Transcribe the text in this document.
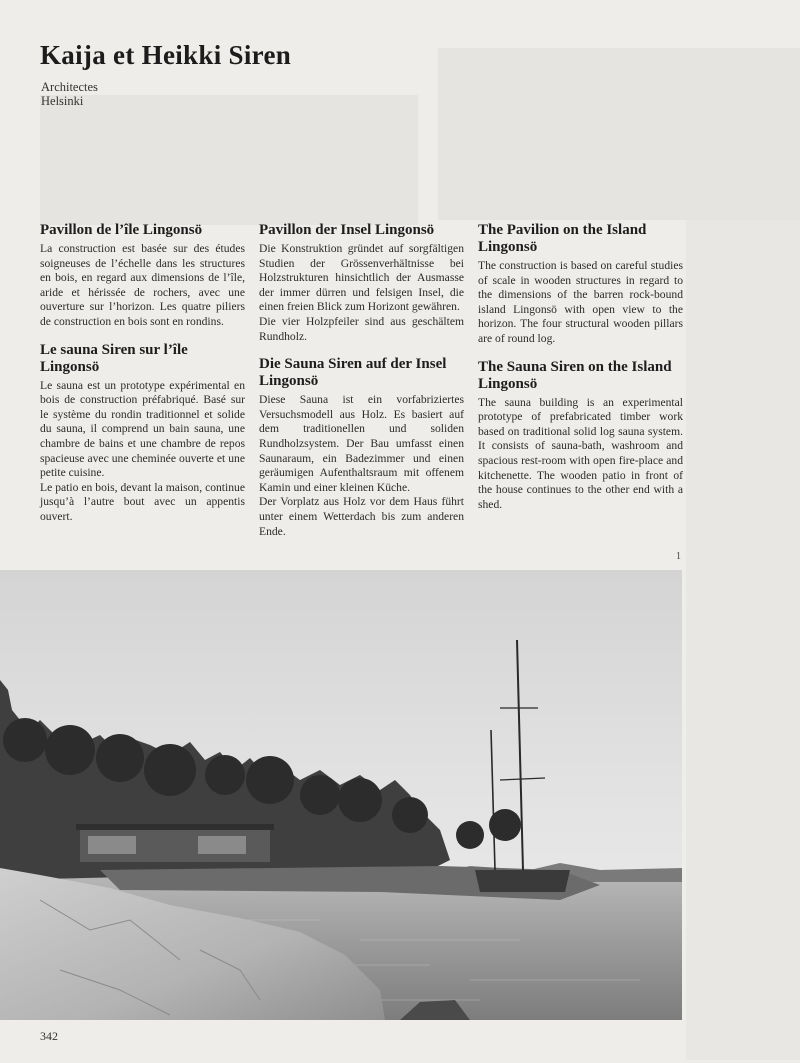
Kaija et Heikki Siren
Architectes
Helsinki
Pavillon de l’île Lingonsö

La construction est basée sur des études soigneuses de l’échelle dans les structures en bois, en regard aux dimensions de l’île, aride et hérissée de rochers, avec une ouverture sur l’horizon. Les quatre piliers de construction en bois sont en rondins.

Le sauna Siren sur l’île Lingonsö

Le sauna est un prototype expérimental en bois de construction préfabriqué. Basé sur le système du rondin traditionnel et solide du sauna, il comprend un bain sauna, une chambre de bains et une chambre de repos spacieuse avec une cheminée ouverte et une petite cuisine.

Le patio en bois, devant la maison, continue jusqu’à l’autre bout avec un appentis ouvert.

Pavillon der Insel Lingonsö

Die Konstruktion gründet auf sorgfältigen Studien der Grössenverhältnisse bei Holzstrukturen hinsichtlich der Ausmasse der immer dürren und felsigen Insel, die einen freien Blick zum Horizont gewähren.

Die vier Holzpfeiler sind aus geschältem Rundholz.

Die Sauna Siren auf der Insel Lingonsö

Diese Sauna ist ein vorfabriziertes Versuchsmodell aus Holz. Es basiert auf dem traditionellen und soliden Rundholzsystem. Der Bau umfasst einen Saunaraum, ein Badezimmer und einen geräumigen Aufenthaltsraum mit offenem Kamin und einer kleinen Küche.

Der Vorplatz aus Holz vor dem Haus führt unter einem Wetterdach bis zum anderen Ende.

The Pavilion on the Island Lingonsö

The construction is based on careful studies of scale in wooden structures in regard to the dimensions of the barren rock-bound island Lingonsö with open view to the horizon. The four structural wooden pillars are of round log.

The Sauna Siren on the Island Lingonsö

The sauna building is an experimental prototype of prefabricated timber work based on traditional solid log sauna system. It consists of sauna-bath, washroom and spacious rest-room with open fire-place and kitchenette. The wooden patio in front of the house continues to the other end with a shed.

1
342
